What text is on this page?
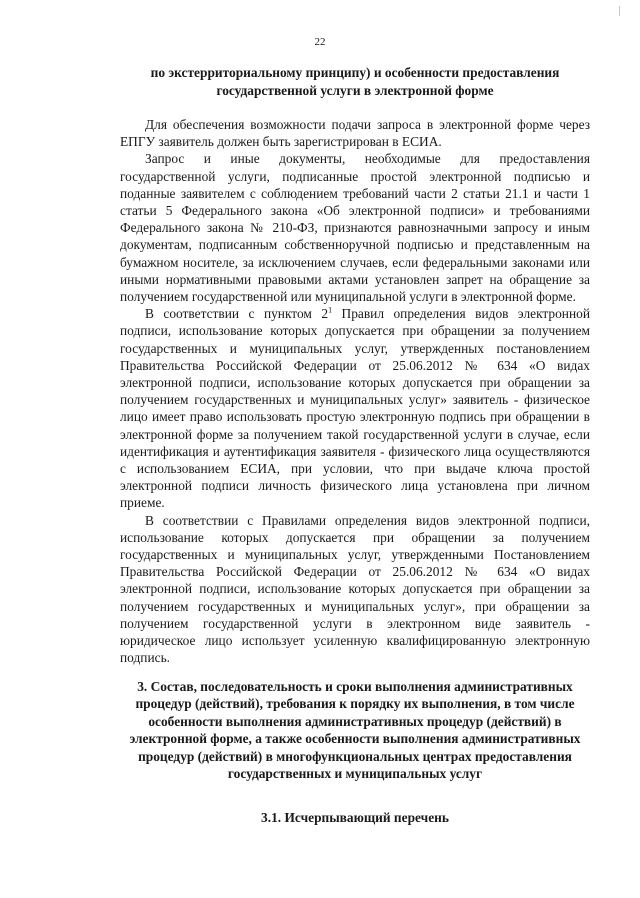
22

по экстерриториальному принципу) и особенности предоставления государственной услуги в электронной форме

Для обеспечения возможности подачи запроса в электронной форме через ЕПГУ заявитель должен быть зарегистрирован в ЕСИА.

Запрос и иные документы, необходимые для предоставления государственной услуги, подписанные простой электронной подписью и поданные заявителем с соблюдением требований части 2 статьи 21.1 и части 1 статьи 5 Федерального закона «Об электронной подписи» и требованиями Федерального закона № 210-ФЗ, признаются равнозначными запросу и иным документам, подписанным собственноручной подписью и представленным на бумажном носителе, за исключением случаев, если федеральными законами или иными нормативными правовыми актами установлен запрет на обращение за получением государственной или муниципальной услуги в электронной форме.

В соответствии с пунктом $2^1$ Правил определения видов электронной подписи, использование которых допускается при обращении за получением государственных и муниципальных услуг, утвержденных постановлением Правительства Российской Федерации от 25.06.2012 № 634 «О видах электронной подписи, использование которых допускается при обращении за получением государственных и муниципальных услуг» заявитель - физическое лицо имеет право использовать простую электронную подпись при обращении в электронной форме за получением такой государственной услуги в случае, если идентификация и аутентификация заявителя - физического лица осуществляются с использованием ЕСИА, при условии, что при выдаче ключа простой электронной подписи личность физического лица установлена при личном приеме.

В соответствии с Правилами определения видов электронной подписи, использование которых допускается при обращении за получением государственных и муниципальных услуг, утвержденными Постановлением Правительства Российской Федерации от 25.06.2012 № 634 «О видах электронной подписи, использование которых допускается при обращении за получением государственных и муниципальных услуг», при обращении за получением государственной услуги в электронном виде заявитель - юридическое лицо использует усиленную квалифицированную электронную подпись.

3. Состав, последовательность и сроки выполнения административных процедур (действий), требования к порядку их выполнения, в том числе особенности выполнения административных процедур (действий) в электронной форме, а также особенности выполнения административных процедур (действий) в многофункциональных центрах предоставления государственных и муниципальных услуг

3.1. Исчерпывающий перечень
